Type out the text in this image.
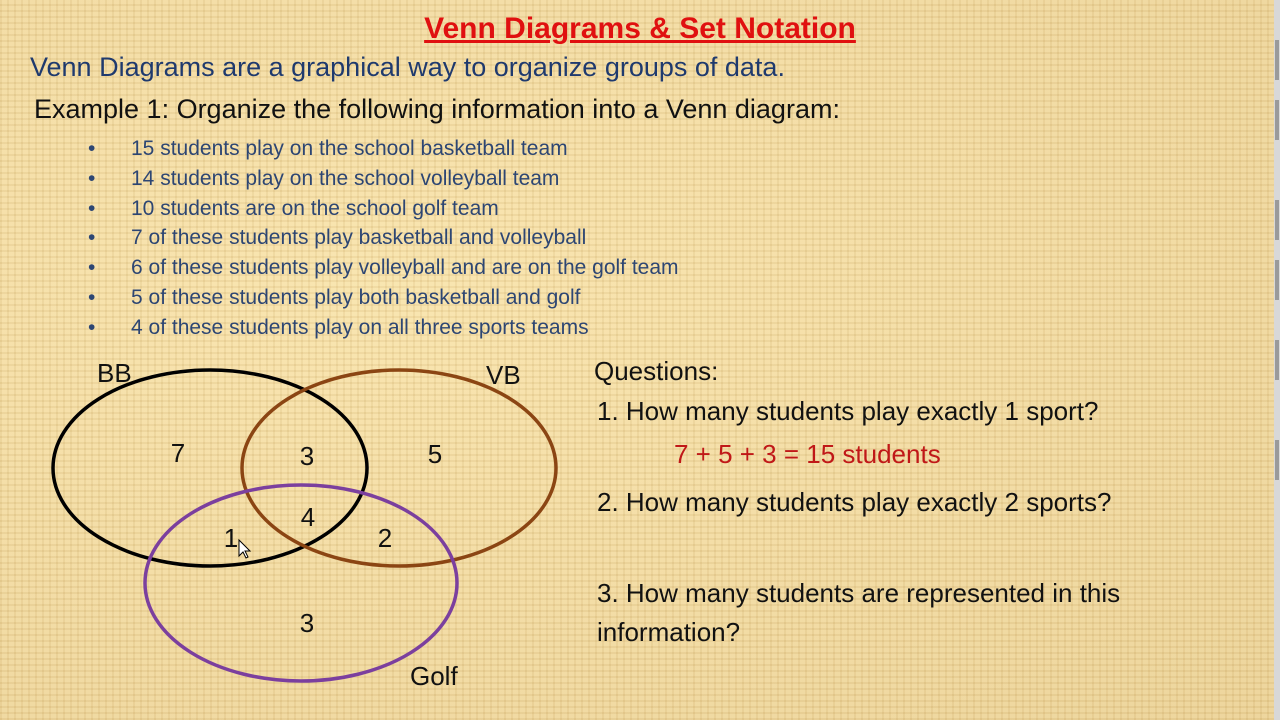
Venn Diagrams & Set Notation
Venn Diagrams are a graphical way to organize groups of data.
Example 1: Organize the following information into a Venn diagram:
• 15 students play on the school basketball team
• 14 students play on the school volleyball team
• 10 students are on the school golf team
• 7 of these students play basketball and volleyball
• 6 of these students play volleyball and are on the golf team
• 5 of these students play both basketball and golf
• 4 of these students play on all three sports teams
BB	VB
Golf
7	3	5
1
4
2
3
Questions:
1. How many students play exactly 1 sport?
7 + 5 + 3 = 15 students
2. How many students play exactly 2 sports?
3. How many students are represented in this
information?
